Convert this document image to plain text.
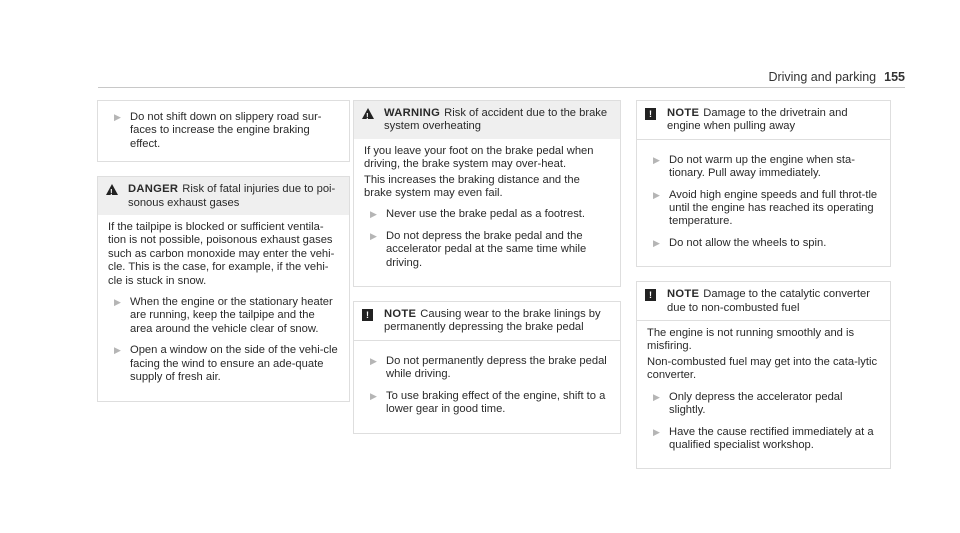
Driving and parking 155
▶ Do not shift down on slippery road sur-faces to increase the engine braking effect.
!
DANGER Risk of fatal injuries due to poi-sonous exhaust gases
If the tailpipe is blocked or sufficient ventila-tion is not possible, poisonous exhaust gases such as carbon monoxide may enter the vehi-cle. This is the case, for example, if the vehi-cle is stuck in snow.
▶ When the engine or the stationary heater are running, keep the tailpipe and the area around the vehicle clear of snow.
▶ Open a window on the side of the vehi-cle facing the wind to ensure an ade-quate supply of fresh air.
!
WARNING Risk of accident due to the brake system overheating
If you leave your foot on the brake pedal when driving, the brake system may over-heat.
This increases the braking distance and the brake system may even fail.
▶ Never use the brake pedal as a footrest.
▶ Do not depress the brake pedal and the accelerator pedal at the same time while driving.
!	NOTE Causing wear to the brake linings by permanently depressing the brake pedal
▶ Do not permanently depress the brake pedal while driving.
▶ To use braking effect of the engine, shift to a lower gear in good time.
!	NOTE Damage to the drivetrain and engine when pulling away
▶ Do not warm up the engine when sta-tionary. Pull away immediately.
▶ Avoid high engine speeds and full throt-tle until the engine has reached its operating temperature.
▶ Do not allow the wheels to spin.
!	NOTE Damage to the catalytic converter due to non-combusted fuel
The engine is not running smoothly and is misfiring.
Non-combusted fuel may get into the cata-lytic converter.
▶ Only depress the accelerator pedal slightly.
▶ Have the cause rectified immediately at a qualified specialist workshop.
